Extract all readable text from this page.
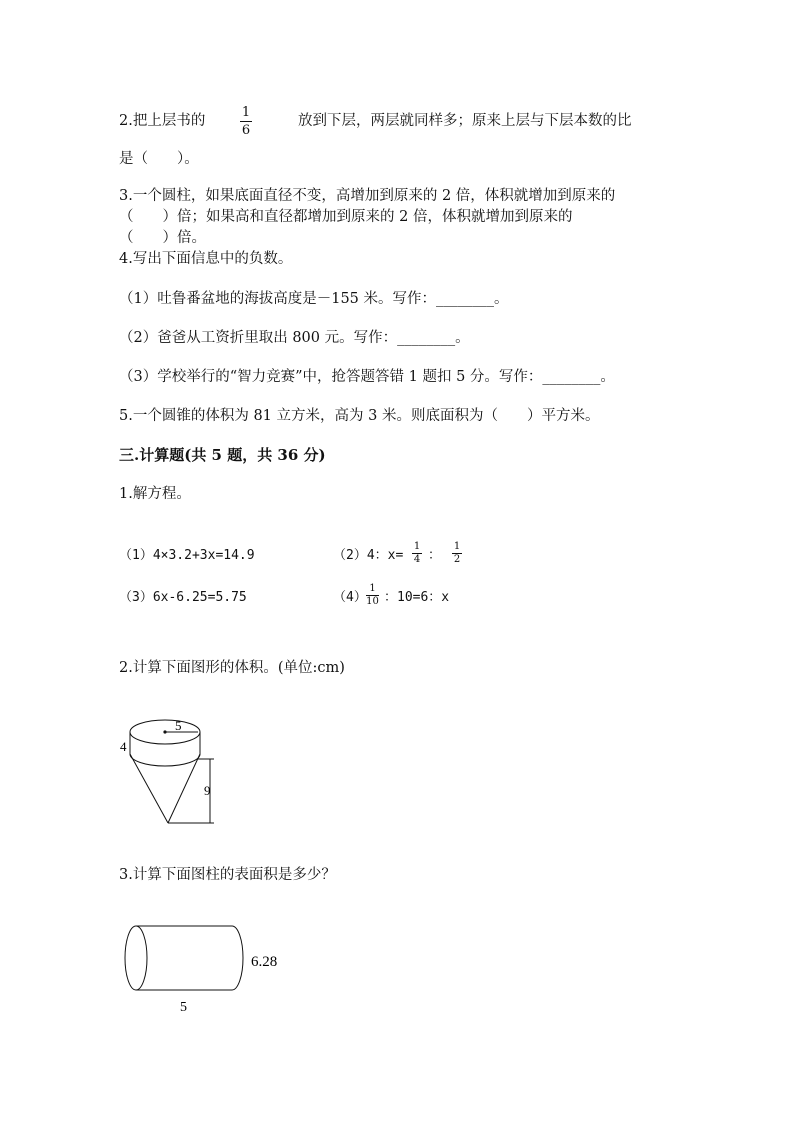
2.把上层书的
1
6
放到下层，两层就同样多；原来上层与下层本数的比
是（　　）。
3.一个圆柱，如果底面直径不变，高增加到原来的 2 倍，体积就增加到原来的
（　　）倍；如果高和直径都增加到原来的 2 倍，体积就增加到原来的
（　　）倍。
4.写出下面信息中的负数。
（1）吐鲁番盆地的海拔高度是－155 米。写作：________。
（2）爸爸从工资折里取出 800 元。写作：________。
（3）学校举行的“智力竞赛”中，抢答题答错 1 题扣 5 分。写作：________。
5.一个圆锥的体积为 81 立方米，高为 3 米。则底面积为（　　）平方米。
三.计算题(共 5 题，共 36 分)
1.解方程。
（1）4×3.2+3x=14.9	（2）4：x=
1
4 ：
1
2
（3）6x-6.25=5.75	（4）
1
10 ：10=6：x
2.计算下面图形的体积。(单位:cm)
5
4
9
3.计算下面图柱的表面积是多少？
6.28
5
